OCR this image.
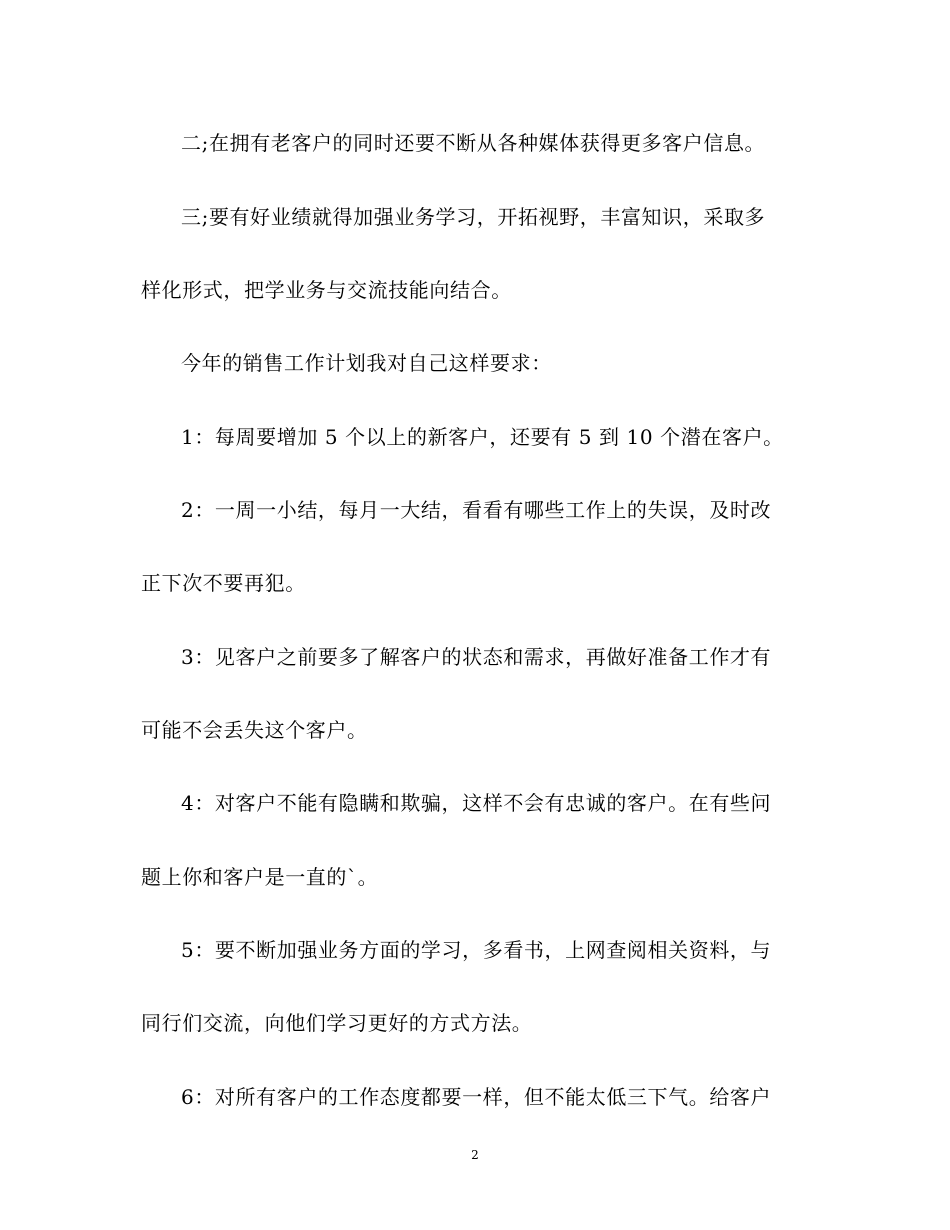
二;在拥有老客户的同时还要不断从各种媒体获得更多客户信息。
三;要有好业绩就得加强业务学习，开拓视野，丰富知识，采取多
样化形式，把学业务与交流技能向结合。
今年的销售工作计划我对自己这样要求：
1：每周要增加 5 个以上的新客户，还要有 5 到 10 个潜在客户。
2：一周一小结，每月一大结，看看有哪些工作上的失误，及时改
正下次不要再犯。
3：见客户之前要多了解客户的状态和需求，再做好准备工作才有
可能不会丢失这个客户。
4：对客户不能有隐瞒和欺骗，这样不会有忠诚的客户。在有些问
题上你和客户是一直的`。
5：要不断加强业务方面的学习，多看书，上网查阅相关资料，与
同行们交流，向他们学习更好的方式方法。
6：对所有客户的工作态度都要一样，但不能太低三下气。给客户
2
